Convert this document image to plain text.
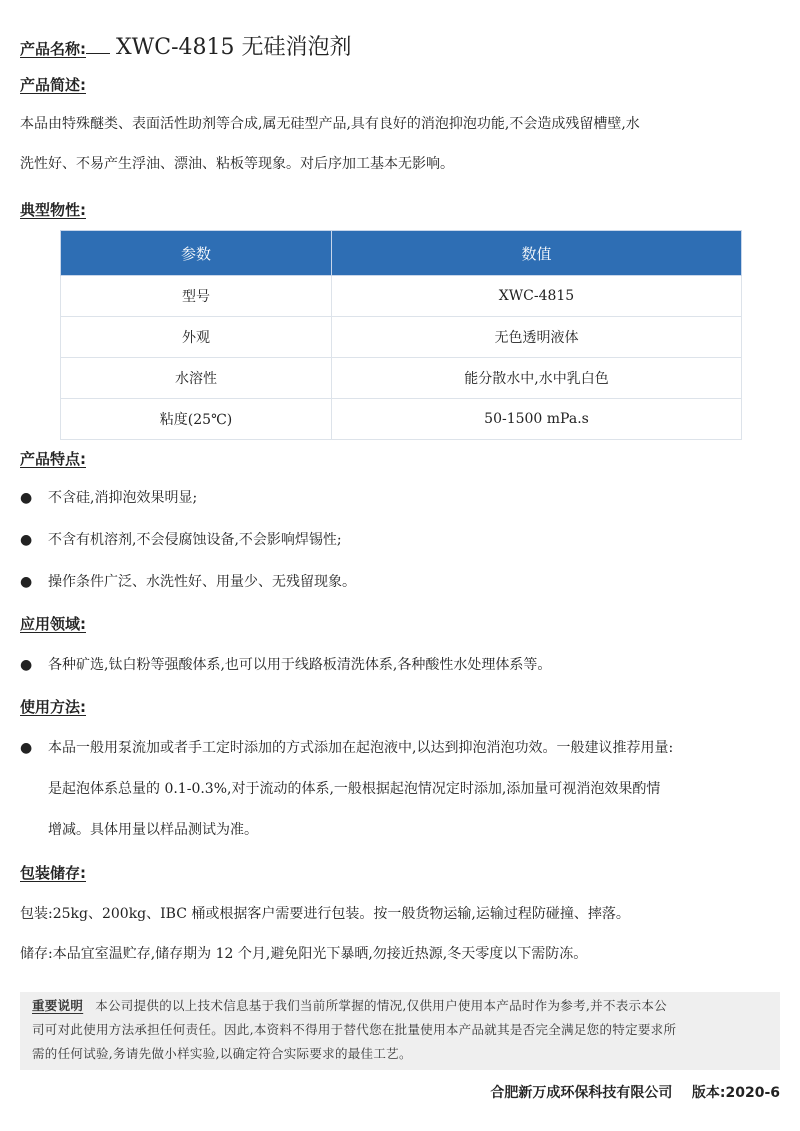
产品名称: XWC-4815 无硅消泡剂
产品简述:
本品由特殊醚类、表面活性助剂等合成,属无硅型产品,具有良好的消泡抑泡功能,不会造成残留槽壁,水
洗性好、不易产生浮油、漂油、粘板等现象。对后序加工基本无影响。
典型物性:
参数	数值
型号	XWC-4815
外观	无色透明液体
水溶性	能分散水中,水中乳白色
粘度(25℃)	50-1500 mPa.s
产品特点:
●	不含硅,消抑泡效果明显;
●	不含有机溶剂,不会侵腐蚀设备,不会影响焊锡性;
●	操作条件广泛、水洗性好、用量少、无残留现象。
应用领域:
●	各种矿选,钛白粉等强酸体系,也可以用于线路板清洗体系,各种酸性水处理体系等。
使用方法:
●	本品一般用泵流加或者手工定时添加的方式添加在起泡液中,以达到抑泡消泡功效。一般建议推荐用量:
是起泡体系总量的 0.1-0.3%,对于流动的体系,一般根据起泡情况定时添加,添加量可视消泡效果酌情
增减。具体用量以样品测试为准。
包装储存:
包装:25kg、200kg、IBC 桶或根据客户需要进行包装。按一般货物运输,运输过程防碰撞、摔落。
储存:本品宜室温贮存,储存期为 12 个月,避免阳光下暴晒,勿接近热源,冬天零度以下需防冻。
重要说明 本公司提供的以上技术信息基于我们当前所掌握的情况,仅供用户使用本产品时作为参考,并不表示本公
司可对此使用方法承担任何责任。因此,本资料不得用于替代您在批量使用本产品就其是否完全满足您的特定要求所
需的任何试验,务请先做小样实验,以确定符合实际要求的最佳工艺。
合肥新万成环保科技有限公司 版本:2020-6
